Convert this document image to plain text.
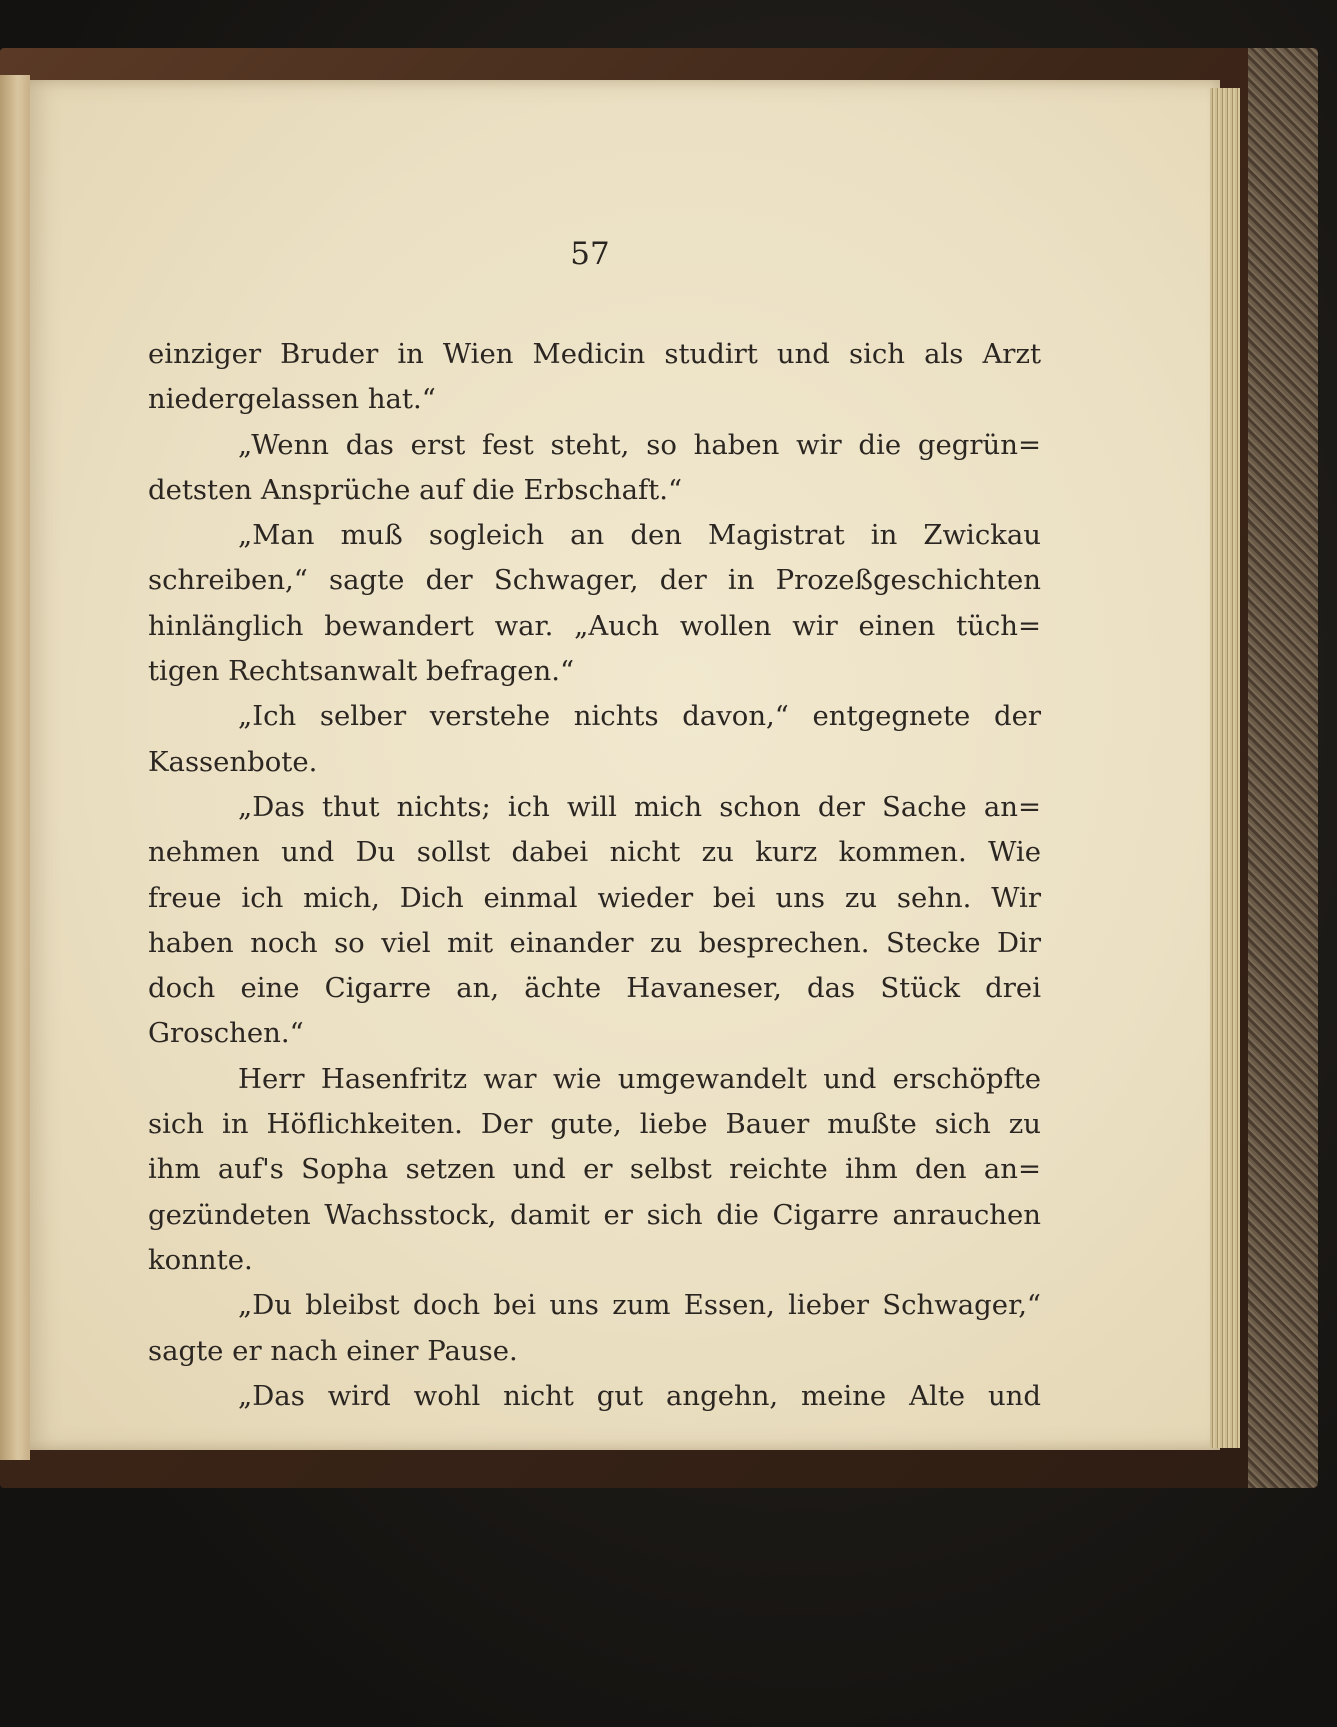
57
einziger Bruder in Wien Medicin studirt und sich als Arzt
niedergelassen hat.“
„Wenn das erst fest steht, so haben wir die gegrün=
detsten Ansprüche auf die Erbschaft.“
„Man muß sogleich an den Magistrat in Zwickau
schreiben,“ sagte der Schwager, der in Prozeßgeschichten
hinlänglich bewandert war. „Auch wollen wir einen tüch=
tigen Rechtsanwalt befragen.“
„Ich selber verstehe nichts davon,“ entgegnete der
Kassenbote.
„Das thut nichts; ich will mich schon der Sache an=
nehmen und Du sollst dabei nicht zu kurz kommen. Wie
freue ich mich, Dich einmal wieder bei uns zu sehn. Wir
haben noch so viel mit einander zu besprechen. Stecke Dir
doch eine Cigarre an, ächte Havaneser, das Stück drei
Groschen.“
Herr Hasenfritz war wie umgewandelt und erschöpfte
sich in Höflichkeiten. Der gute, liebe Bauer mußte sich zu
ihm auf's Sopha setzen und er selbst reichte ihm den an=
gezündeten Wachsstock, damit er sich die Cigarre anrauchen
konnte.
„Du bleibst doch bei uns zum Essen, lieber Schwager,“
sagte er nach einer Pause.
„Das wird wohl nicht gut angehn, meine Alte und
